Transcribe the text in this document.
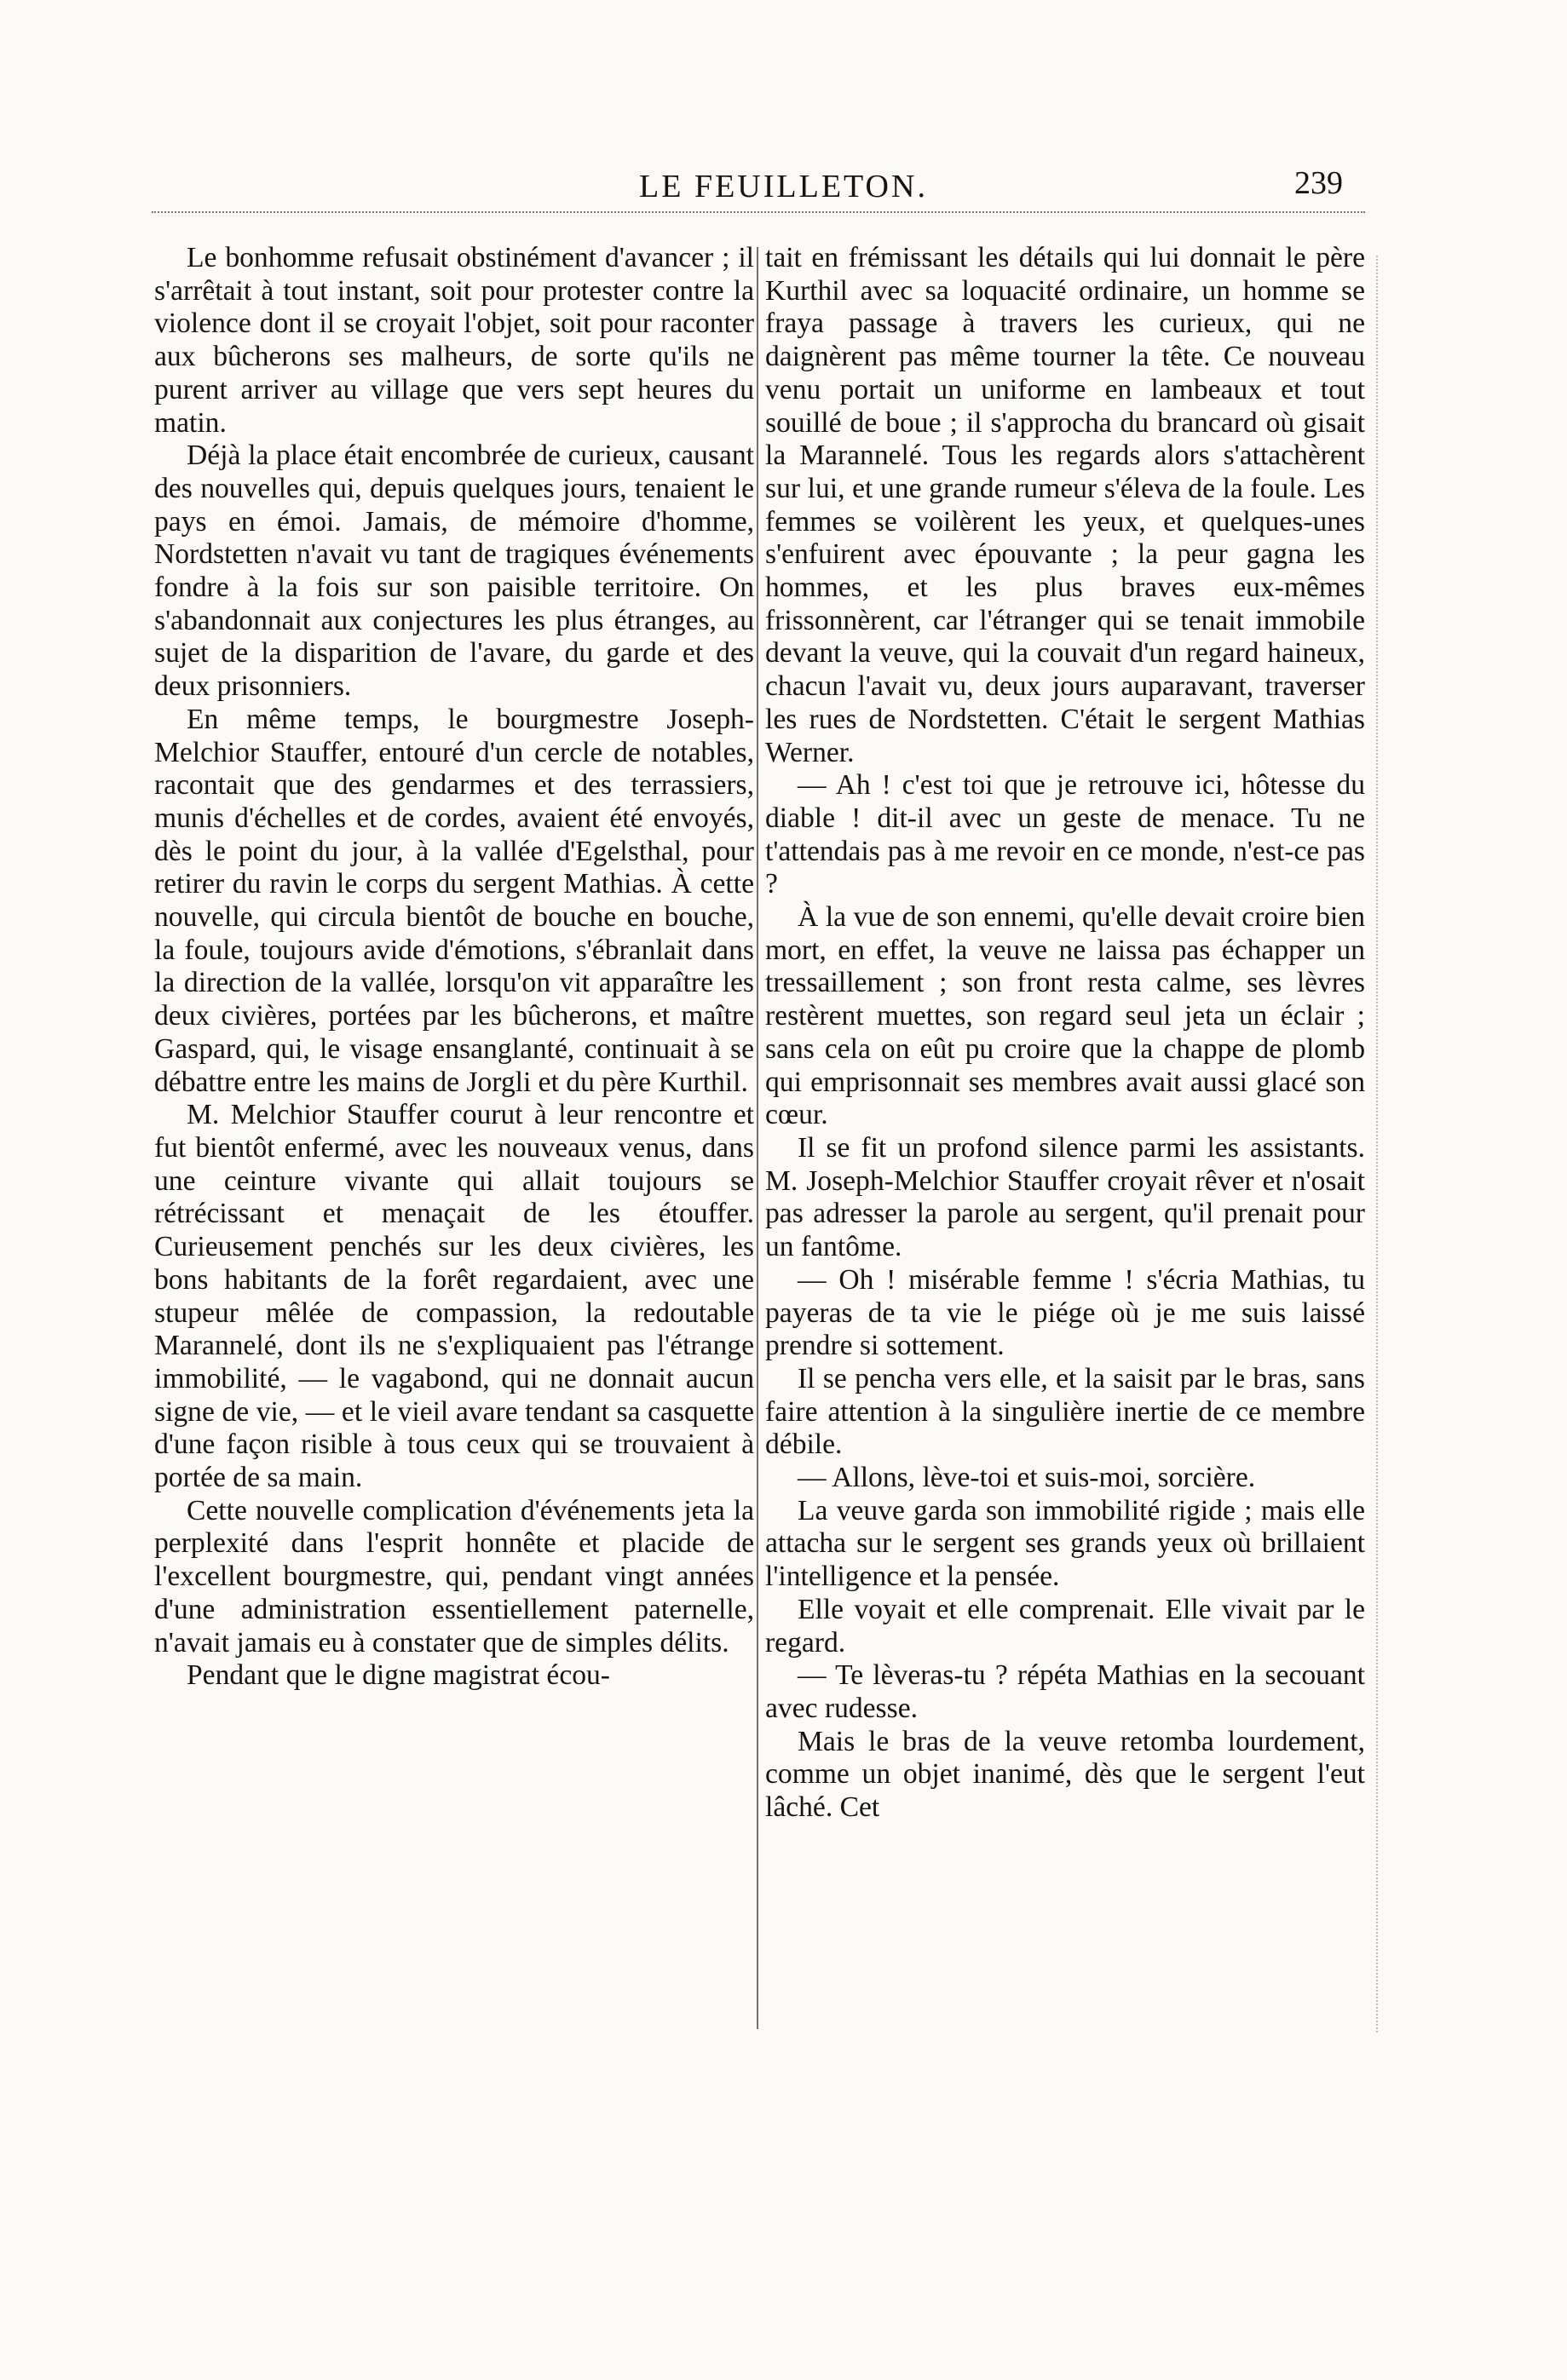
LE FEUILLETON.	239

Le bonhomme refusait obstinément d'avancer ; il s'arrêtait à tout instant, soit pour protester contre la violence dont il se croyait l'objet, soit pour raconter aux bûcherons ses malheurs, de sorte qu'ils ne purent arriver au village que vers sept heures du matin.

Déjà la place était encombrée de curieux, causant des nouvelles qui, depuis quelques jours, tenaient le pays en émoi. Jamais, de mémoire d'homme, Nordstetten n'avait vu tant de tragiques événements fondre à la fois sur son paisible territoire. On s'abandonnait aux conjectures les plus étranges, au sujet de la disparition de l'avare, du garde et des deux prisonniers.

En même temps, le bourgmestre Joseph-Melchior Stauffer, entouré d'un cercle de notables, racontait que des gendarmes et des terrassiers, munis d'échelles et de cordes, avaient été envoyés, dès le point du jour, à la vallée d'Egelsthal, pour retirer du ravin le corps du sergent Mathias. À cette nouvelle, qui circula bientôt de bouche en bouche, la foule, toujours avide d'émotions, s'ébranlait dans la direction de la vallée, lorsqu'on vit apparaître les deux civières, portées par les bûcherons, et maître Gaspard, qui, le visage ensanglanté, continuait à se débattre entre les mains de Jorgli et du père Kurthil.

M. Melchior Stauffer courut à leur rencontre et fut bientôt enfermé, avec les nouveaux venus, dans une ceinture vivante qui allait toujours se rétrécissant et menaçait de les étouffer. Curieusement penchés sur les deux civières, les bons habitants de la forêt regardaient, avec une stupeur mêlée de compassion, la redoutable Marannelé, dont ils ne s'expliquaient pas l'étrange immobilité, — le vagabond, qui ne donnait aucun signe de vie, — et le vieil avare tendant sa casquette d'une façon risible à tous ceux qui se trouvaient à portée de sa main.

Cette nouvelle complication d'événements jeta la perplexité dans l'esprit honnête et placide de l'excellent bourgmestre, qui, pendant vingt années d'une administration essentiellement paternelle, n'avait jamais eu à constater que de simples délits.

Pendant que le digne magistrat écou-

tait en frémissant les détails qui lui donnait le père Kurthil avec sa loquacité ordinaire, un homme se fraya passage à travers les curieux, qui ne daignèrent pas même tourner la tête. Ce nouveau venu portait un uniforme en lambeaux et tout souillé de boue ; il s'approcha du brancard où gisait la Marannelé. Tous les regards alors s'attachèrent sur lui, et une grande rumeur s'éleva de la foule. Les femmes se voilèrent les yeux, et quelques-unes s'enfuirent avec épouvante ; la peur gagna les hommes, et les plus braves eux-mêmes frissonnèrent, car l'étranger qui se tenait immobile devant la veuve, qui la couvait d'un regard haineux, chacun l'avait vu, deux jours auparavant, traverser les rues de Nordstetten. C'était le sergent Mathias Werner.

— Ah ! c'est toi que je retrouve ici, hôtesse du diable ! dit-il avec un geste de menace. Tu ne t'attendais pas à me revoir en ce monde, n'est-ce pas ?

À la vue de son ennemi, qu'elle devait croire bien mort, en effet, la veuve ne laissa pas échapper un tressaillement ; son front resta calme, ses lèvres restèrent muettes, son regard seul jeta un éclair ; sans cela on eût pu croire que la chappe de plomb qui emprisonnait ses membres avait aussi glacé son cœur.

Il se fit un profond silence parmi les assistants. M. Joseph-Melchior Stauffer croyait rêver et n'osait pas adresser la parole au sergent, qu'il prenait pour un fantôme.

— Oh ! misérable femme ! s'écria Mathias, tu payeras de ta vie le piége où je me suis laissé prendre si sottement.

Il se pencha vers elle, et la saisit par le bras, sans faire attention à la singulière inertie de ce membre débile.

— Allons, lève-toi et suis-moi, sorcière.

La veuve garda son immobilité rigide ; mais elle attacha sur le sergent ses grands yeux où brillaient l'intelligence et la pensée.

Elle voyait et elle comprenait. Elle vivait par le regard.

— Te lèveras-tu ? répéta Mathias en la secouant avec rudesse.

Mais le bras de la veuve retomba lourdement, comme un objet inanimé, dès que le sergent l'eut lâché. Cet
